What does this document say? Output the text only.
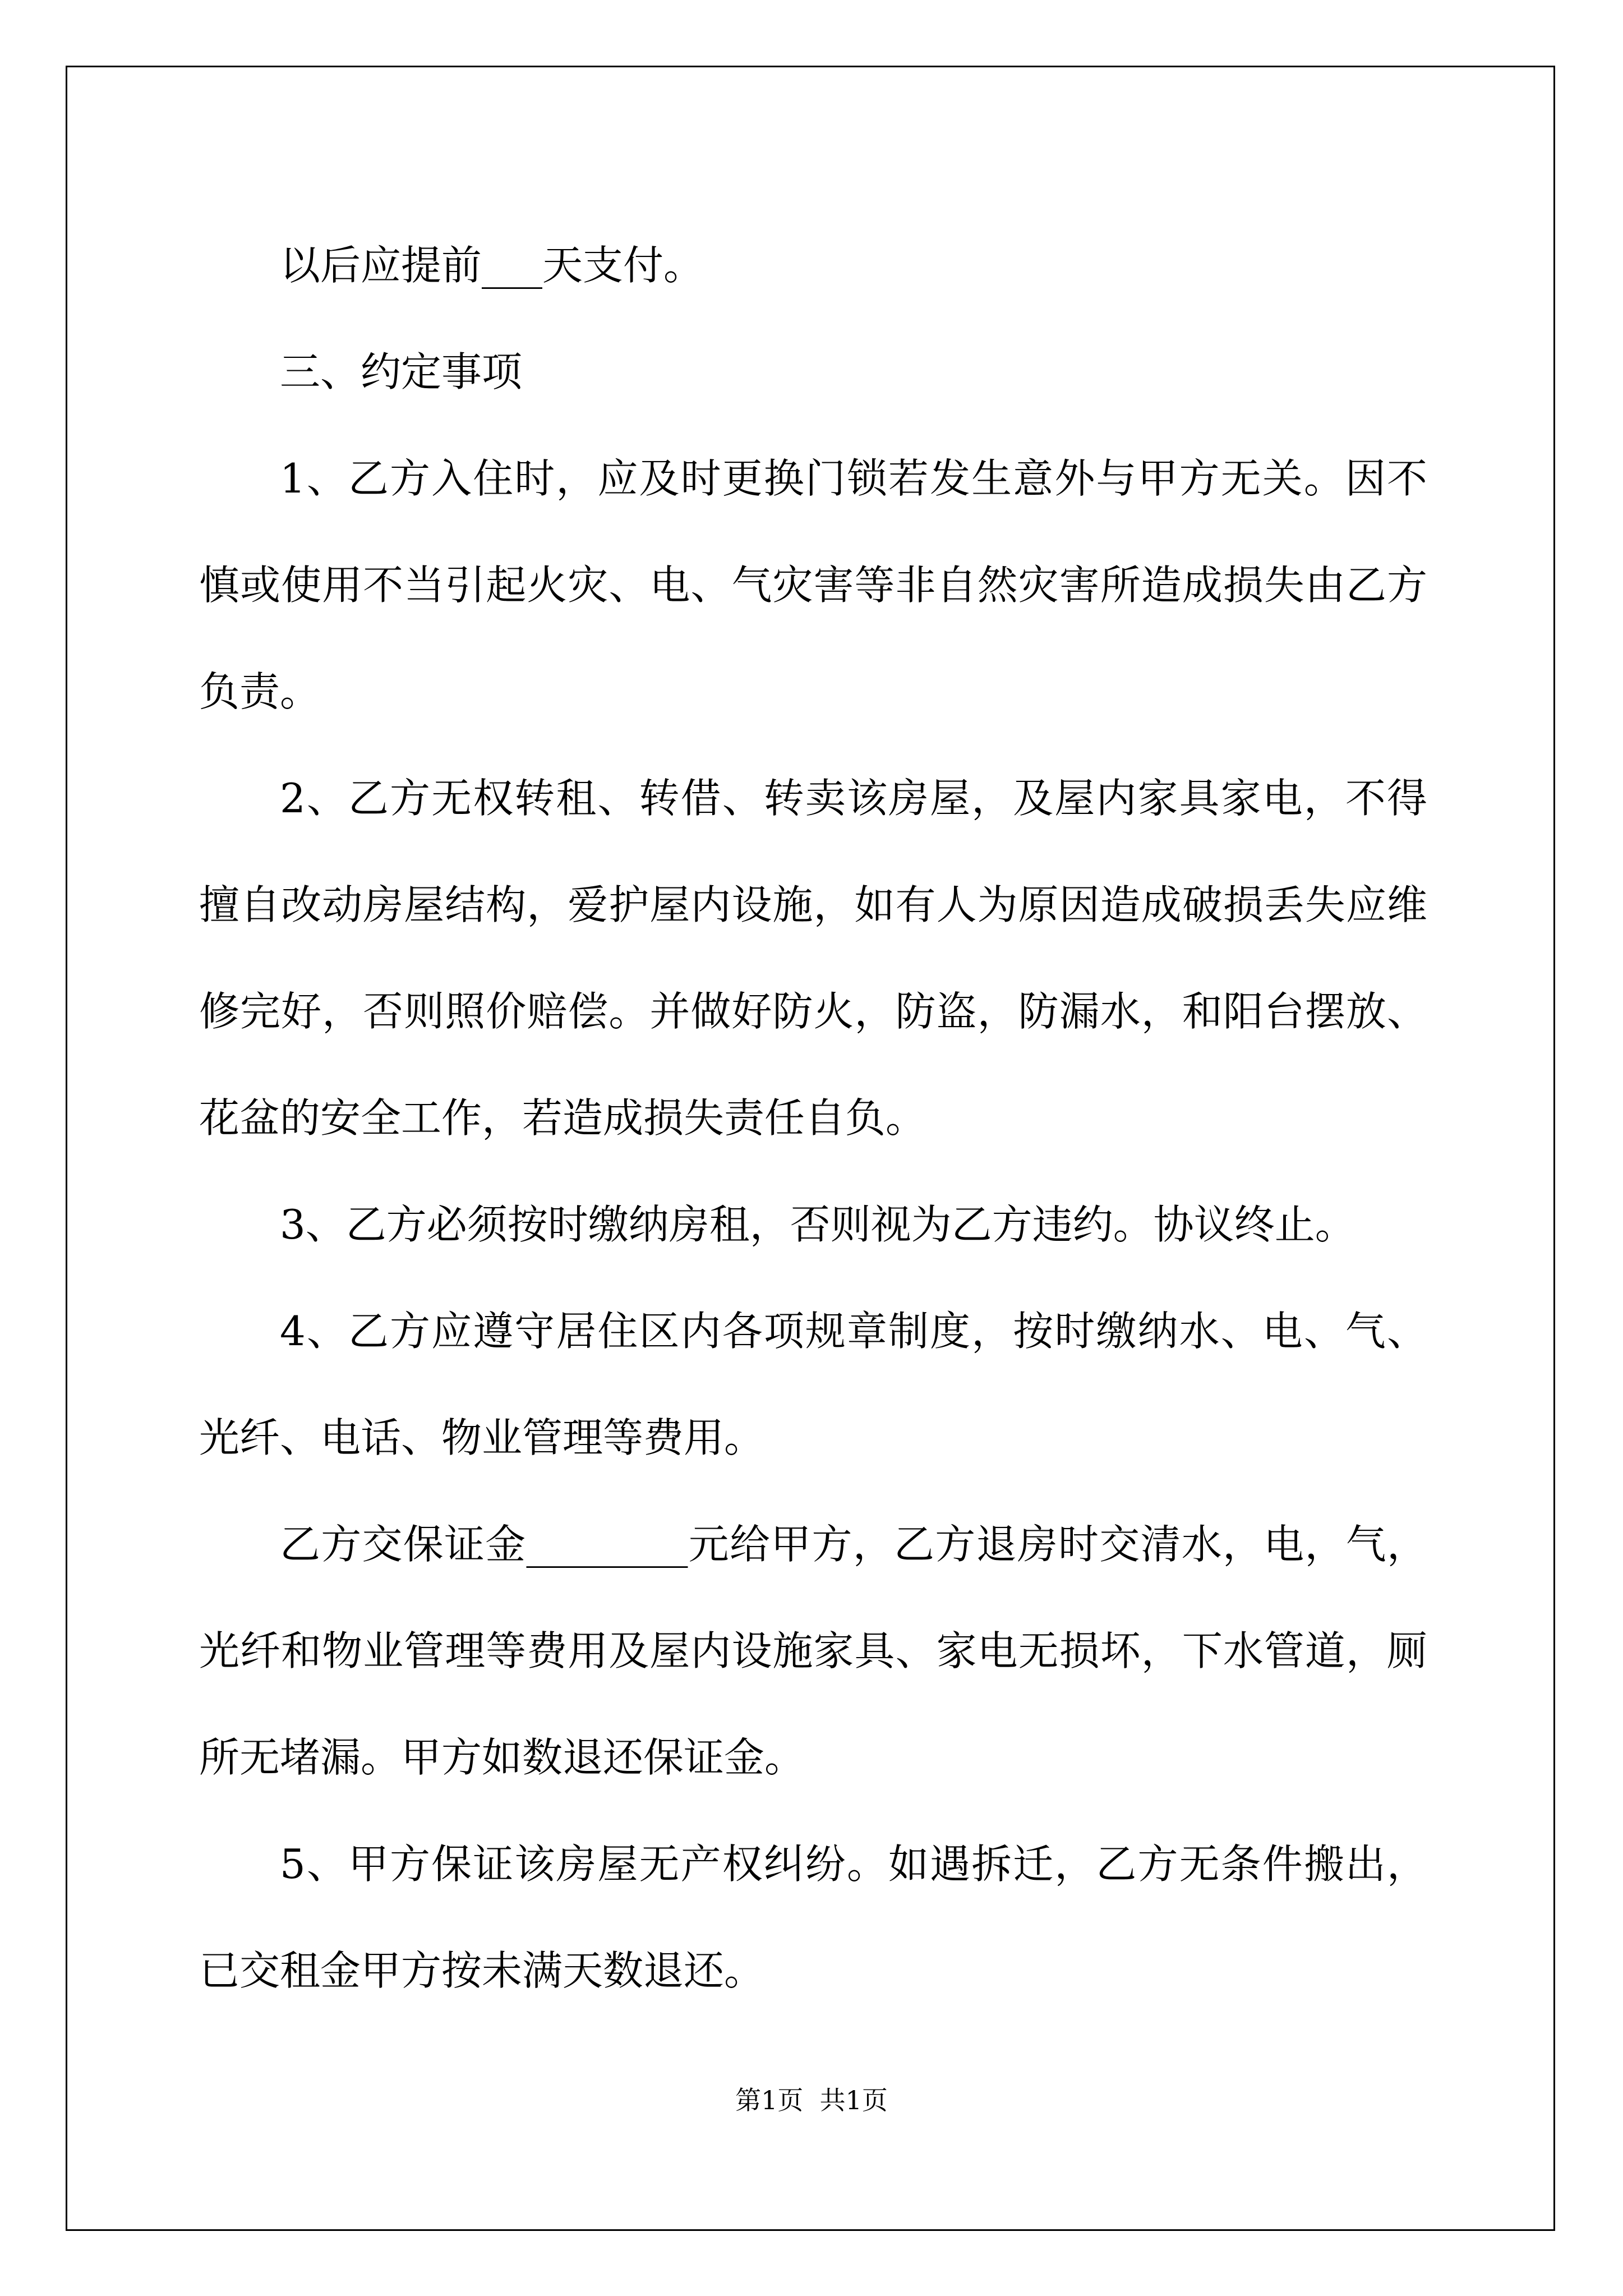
以后应提前___天支付。

三、约定事项

1、乙方入住时，应及时更换门锁若发生意外与甲方无关。因不慎或使用不当引起火灾、电、气灾害等非自然灾害所造成损失由乙方负责。

2、乙方无权转租、转借、转卖该房屋，及屋内家具家电，不得擅自改动房屋结构，爱护屋内设施，如有人为原因造成破损丢失应维修完好，否则照价赔偿。并做好防火，防盗，防漏水，和阳台摆放、花盆的安全工作，若造成损失责任自负。

3、乙方必须按时缴纳房租，否则视为乙方违约。协议终止。

4、乙方应遵守居住区内各项规章制度，按时缴纳水、电、气、光纤、电话、物业管理等费用。

乙方交保证金________元给甲方，乙方退房时交清水，电，气，光纤和物业管理等费用及屋内设施家具、家电无损坏，下水管道，厕所无堵漏。甲方如数退还保证金。

5、甲方保证该房屋无产权纠纷。如遇拆迁，乙方无条件搬出，已交租金甲方按未满天数退还。

第1页  共1页
